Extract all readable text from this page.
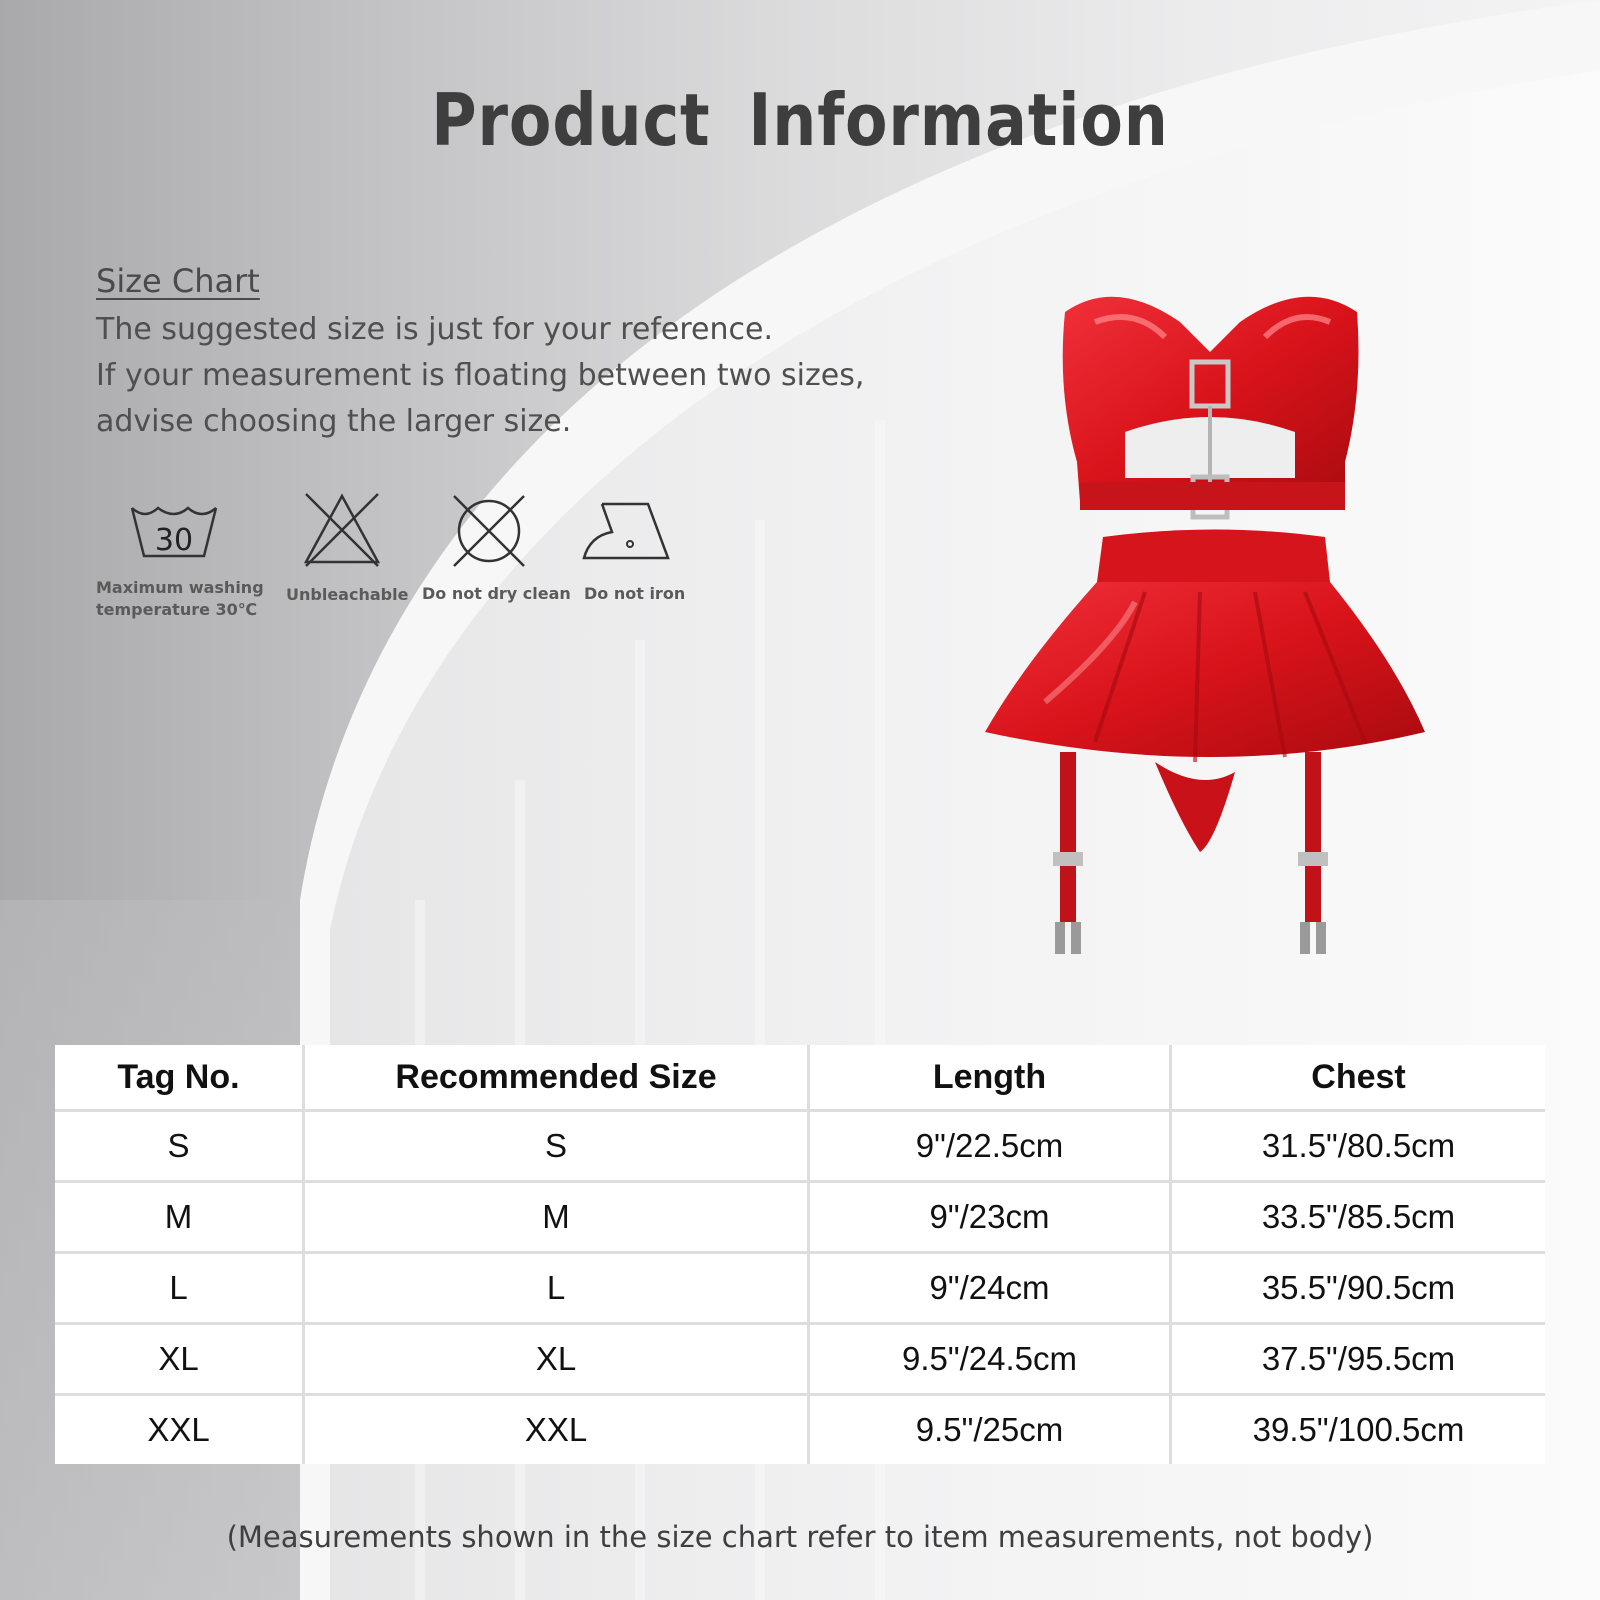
Product Information
Size Chart
The suggested size is just for your reference.
If your measurement is floating between two sizes,
advise choosing the larger size.
30
Maximum washing
temperature 30℃
Unbleachable Do not dry clean Do not iron
Tag No.	Recommended Size	Length	Chest
S	S	9"/22.5cm	31.5"/80.5cm
M	M	9"/23cm	33.5"/85.5cm
L	L	9"/24cm	35.5"/90.5cm
XL	XL	9.5"/24.5cm	37.5"/95.5cm
XXL	XXL	9.5"/25cm	39.5"/100.5cm
(Measurements shown in the size chart refer to item measurements, not body)
